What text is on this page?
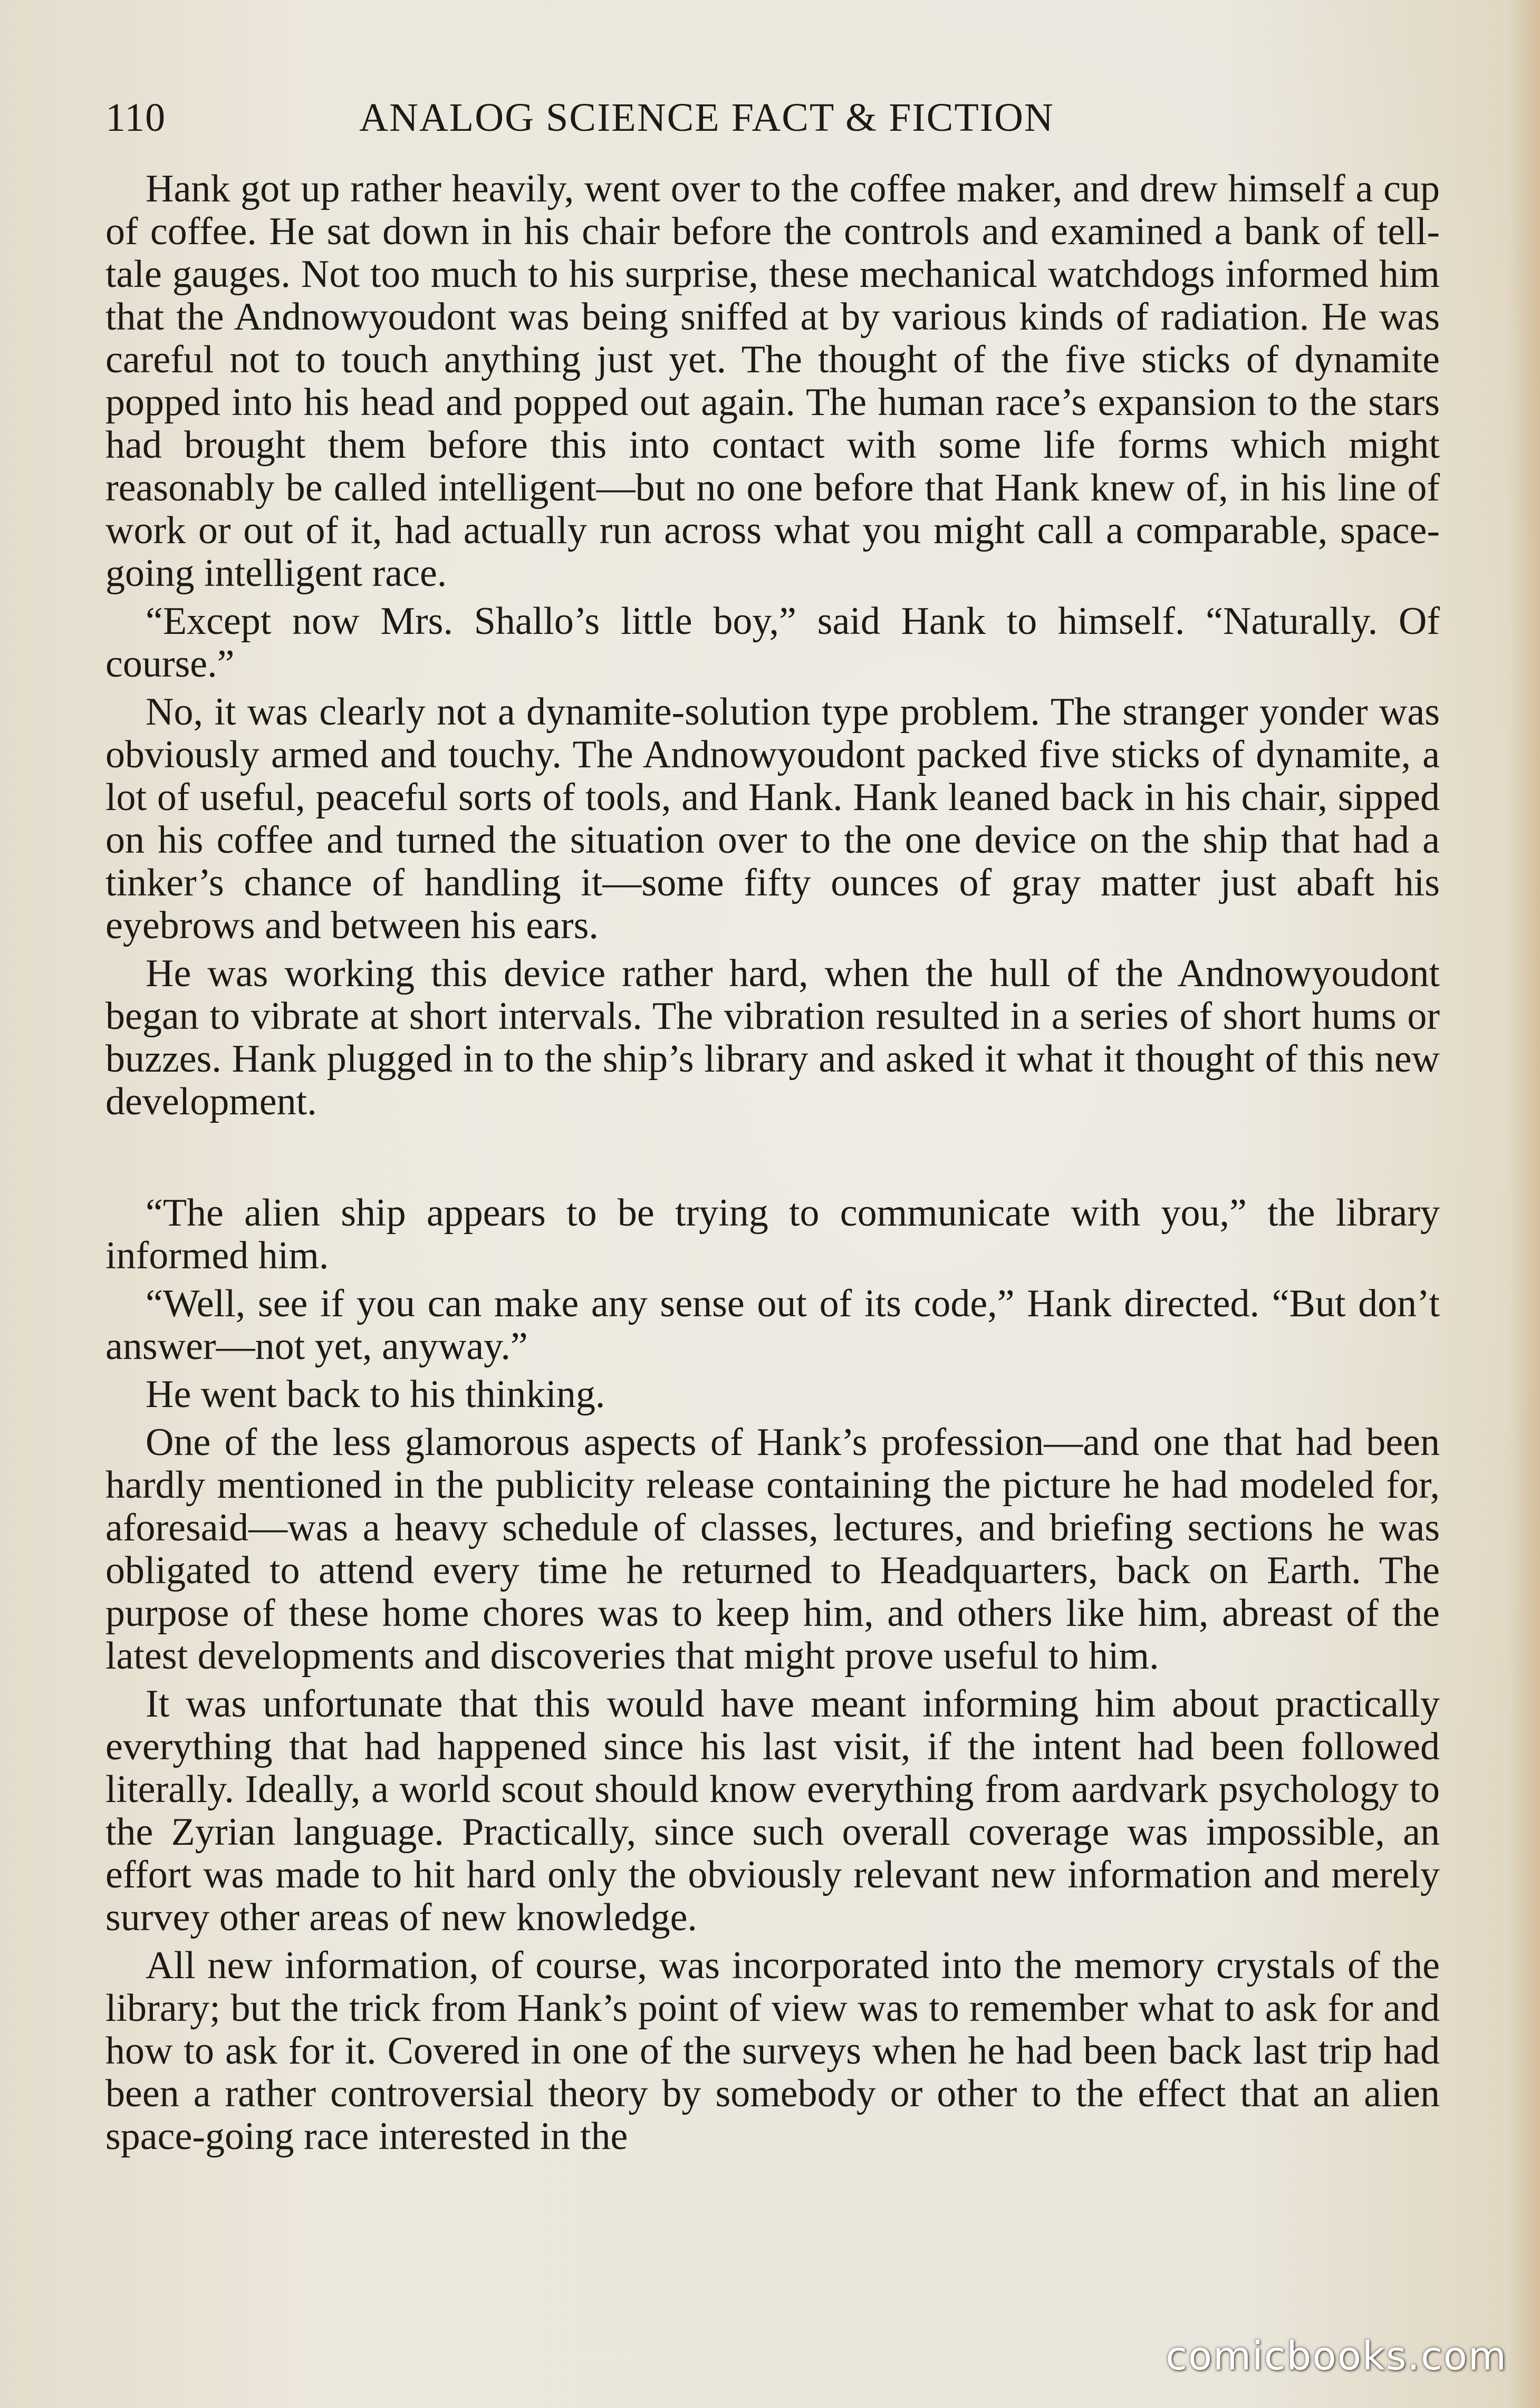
110	ANALOG SCIENCE FACT & FICTION

Hank got up rather heavily, went over to the coffee maker, and drew himself a cup of coffee. He sat down in his chair before the controls and examined a bank of tell-tale gauges. Not too much to his surprise, these mechanical watchdogs informed him that the Andnowyoudont was being sniffed at by various kinds of radiation. He was careful not to touch anything just yet. The thought of the five sticks of dynamite popped into his head and popped out again. The human race’s expansion to the stars had brought them before this into contact with some life forms which might reasonably be called intelligent—but no one before that Hank knew of, in his line of work or out of it, had actually run across what you might call a comparable, space-going intelligent race.

“Except now Mrs. Shallo’s little boy,” said Hank to himself. “Naturally. Of course.”

No, it was clearly not a dynamite-solution type problem. The stranger yonder was obviously armed and touchy. The Andnowyoudont packed five sticks of dynamite, a lot of useful, peaceful sorts of tools, and Hank. Hank leaned back in his chair, sipped on his coffee and turned the situation over to the one device on the ship that had a tinker’s chance of handling it—some fifty ounces of gray matter just abaft his eyebrows and between his ears.

He was working this device rather hard, when the hull of the Andnowyoudont began to vibrate at short intervals. The vibration resulted in a series of short hums or buzzes. Hank plugged in to the ship’s library and asked it what it thought of this new development.

“The alien ship appears to be trying to communicate with you,” the library informed him.

“Well, see if you can make any sense out of its code,” Hank directed. “But don’t answer—not yet, anyway.”

He went back to his thinking.

One of the less glamorous aspects of Hank’s profession—and one that had been hardly mentioned in the publicity release containing the picture he had modeled for, aforesaid—was a heavy schedule of classes, lectures, and briefing sections he was obligated to attend every time he returned to Headquarters, back on Earth. The purpose of these home chores was to keep him, and others like him, abreast of the latest developments and discoveries that might prove useful to him.

It was unfortunate that this would have meant informing him about practically everything that had happened since his last visit, if the intent had been followed literally. Ideally, a world scout should know everything from aardvark psychology to the Zyrian language. Practically, since such overall coverage was impossible, an effort was made to hit hard only the obviously relevant new information and merely survey other areas of new knowledge.

All new information, of course, was incorporated into the memory crystals of the library; but the trick from Hank’s point of view was to remember what to ask for and how to ask for it. Covered in one of the surveys when he had been back last trip had been a rather controversial theory by somebody or other to the effect that an alien space-going race interested in the

comicbooks.com
